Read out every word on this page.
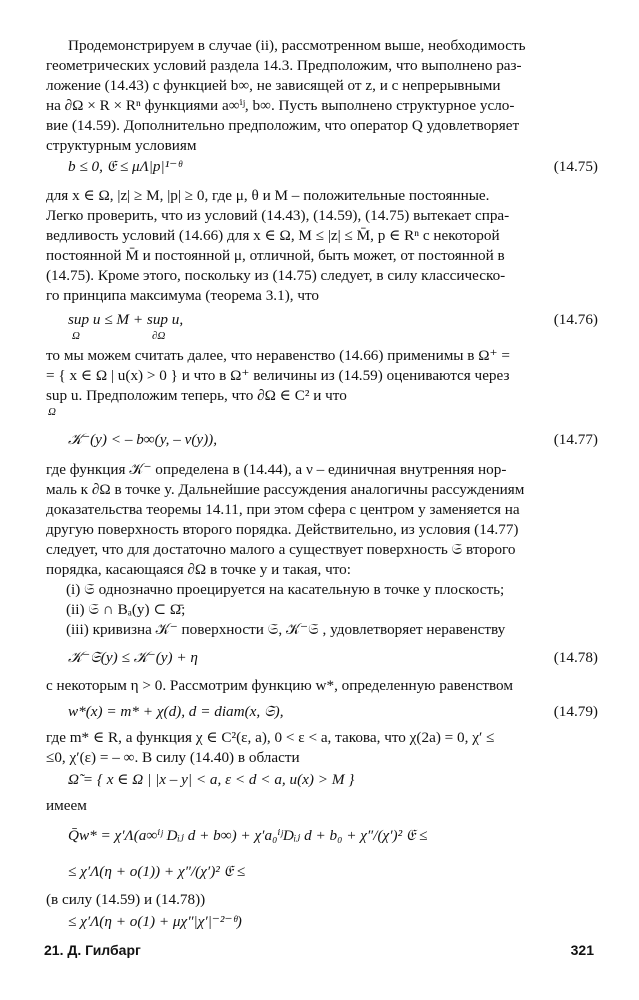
Продемонстрируем в случае (ii), рассмотренном выше, необходимость
геометрических условий раздела 14.3. Предположим, что выполнено раз-
ложение (14.43) с функцией b∞, не зависящей от z, и с непрерывными
на ∂Ω × R × Rⁿ функциями a∞ⁱʲ, b∞. Пусть выполнено структурное усло-
вие (14.59). Дополнительно предположим, что оператор Q удовлетворяет
структурным условиям
b ≤ 0, 𝔈 ≤ μΛ|p|¹⁻ᶿ	(14.75)
для x ∈ Ω, |z| ≥ M, |p| ≥ 0, где μ, θ и M – положительные постоянные.
Легко проверить, что из условий (14.43), (14.59), (14.75) вытекает спра-
ведливость условий (14.66) для x ∈ Ω, M ≤ |z| ≤ M̄, p ∈ Rⁿ с некоторой
постоянной M̄ и постоянной μ, отличной, быть может, от постоянной в
(14.75). Кроме этого, поскольку из (14.75) следует, в силу классическо-
го принципа максимума (теорема 3.1), что
sup u ≤ M + sup u,
Ω	∂Ω
(14.76)
то мы можем считать далее, что неравенство (14.66) применимы в Ω⁺ =
= { x ∈ Ω | u(x) > 0 } и что в Ω⁺ величины из (14.59) оцениваются через
sup u. Предположим теперь, что ∂Ω ∈ C² и что
Ω
𝒦⁻(y) < – b∞(y, – ν(y)),	(14.77)
где функция 𝒦⁻ определена в (14.44), а ν – единичная внутренняя нор-
маль к ∂Ω в точке y. Дальнейшие рассуждения аналогичны рассуждениям
доказательства теоремы 14.11, при этом сфера с центром y заменяется на
другую поверхность второго порядка. Действительно, из условия (14.77)
следует, что для достаточно малого a существует поверхность 𝔖 второго
порядка, касающаяся ∂Ω в точке y и такая, что:
(i) 𝔖 однозначно проецируется на касательную в точке y плоскость;
(ii) 𝔖 ∩ Bₐ(y) ⊂ Ω̄;
(iii) кривизна 𝒦⁻ поверхности 𝔖, 𝒦⁻𝔖 , удовлетворяет неравенству
𝒦⁻𝔖(y) ≤ 𝒦⁻(y) + η	(14.78)
с некоторым η > 0. Рассмотрим функцию w*, определенную равенством
w*(x) = m* + χ(d), d = diam(x, 𝔖),	(14.79)
где m* ∈ R, а функция χ ∈ C²(ε, a), 0 < ε < a, такова, что χ(2a) = 0, χ′ ≤
≤0, χ′(ε) = – ∞. В силу (14.40) в области
Ω̃ = { x ∈ Ω | |x – y| < a, ε < d < a, u(x) > M }
имеем
Q̄w* = χ′Λ(a∞ⁱʲ Dᵢⱼ d + b∞) + χ′a₀ⁱʲDᵢⱼ d + b₀ + χ″/(χ′)² 𝔈 ≤
≤ χ′Λ(η + o(1)) + χ″/(χ′)² 𝔈 ≤
(в силу (14.59) и (14.78))
≤ χ′Λ(η + o(1) + μχ″|χ′|⁻²⁻ᶿ)
21. Д. Гилбарг	321
